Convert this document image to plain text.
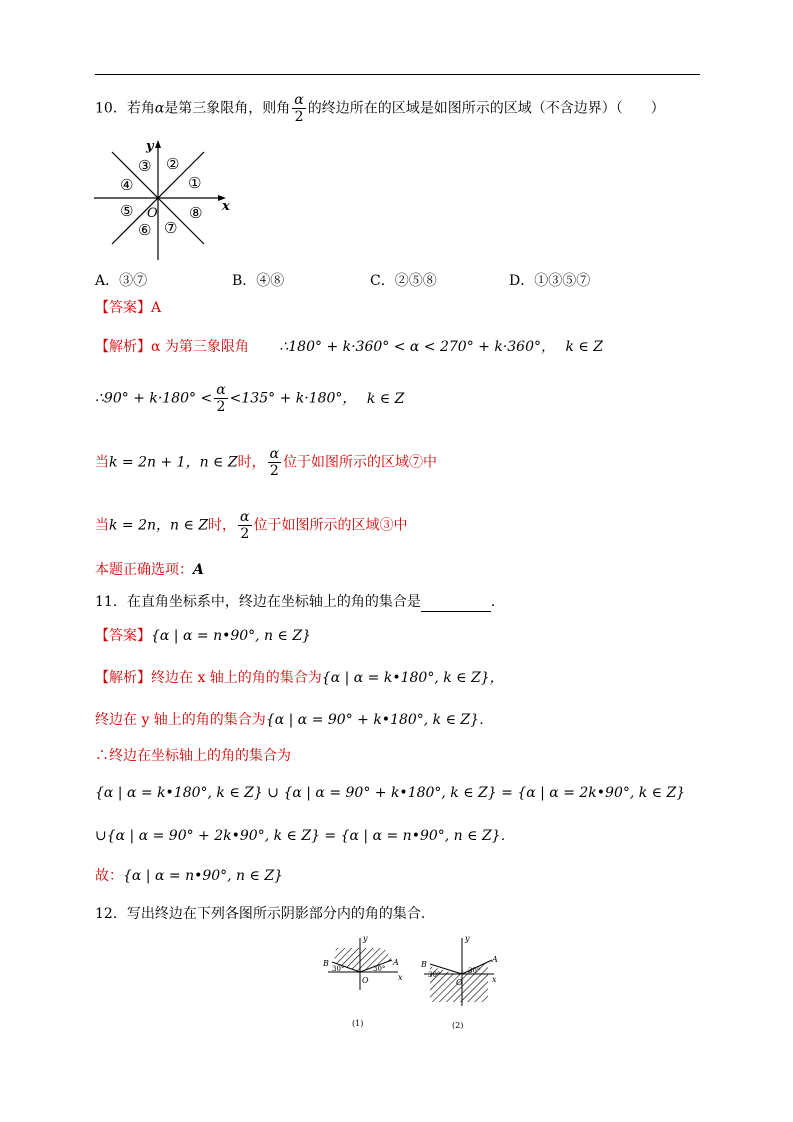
10．若角α是第三象限角，则角 $\frac{\alpha}{2}$ 的终边所在的区域是如图所示的区域（不含边界）（　　）
y
x
O
①
②
③
④
⑤
⑥ ⑦
⑧
A．③⑦	B．④⑧	C．②⑤⑧	D．①③⑤⑦
【答案】A
【解析】α 为第三象限角 ∴180° + k·360° < α < 270° + k·360°， k ∈ Z
∴90° + $k\cdot 180^\circ < \frac{\alpha}{2} <135^\circ + k\cdot 180^\circ$， k ∈ Z
当k = 2n + 1，n ∈ Z时， $\frac{\alpha}{2}$ 位于如图所示的区域⑦中
当k = 2n，n ∈ Z时， $\frac{\alpha}{2}$ 位于如图所示的区域③中
本题正确选项：A
11．在直角坐标系中，终边在坐标轴上的角的集合是	．
【答案】{α | α = n•90°, n ∈ Z}
【解析】终边在 x 轴上的角的集合为{α | α = k•180°, k ∈ Z}，
终边在 y 轴上的角的集合为{α | α = 90° + k•180°, k ∈ Z}．
∴终边在坐标轴上的角的集合为
{α | α = k•180°, k ∈ Z} ∪ {α | α = 90° + k•180°, k ∈ Z} = {α | α = 2k•90°, k ∈ Z}
∪{α | α = 90° + 2k•90°, k ∈ Z} = {α | α = n•90°, n ∈ Z}．
故：{α | α = n•90°, n ∈ Z}
12．写出终边在下列各图所示阴影部分内的角的集合．
y
x
O
B	A
30°	30°
(1)
y
x
O
B
A
30°	30°
(2)
